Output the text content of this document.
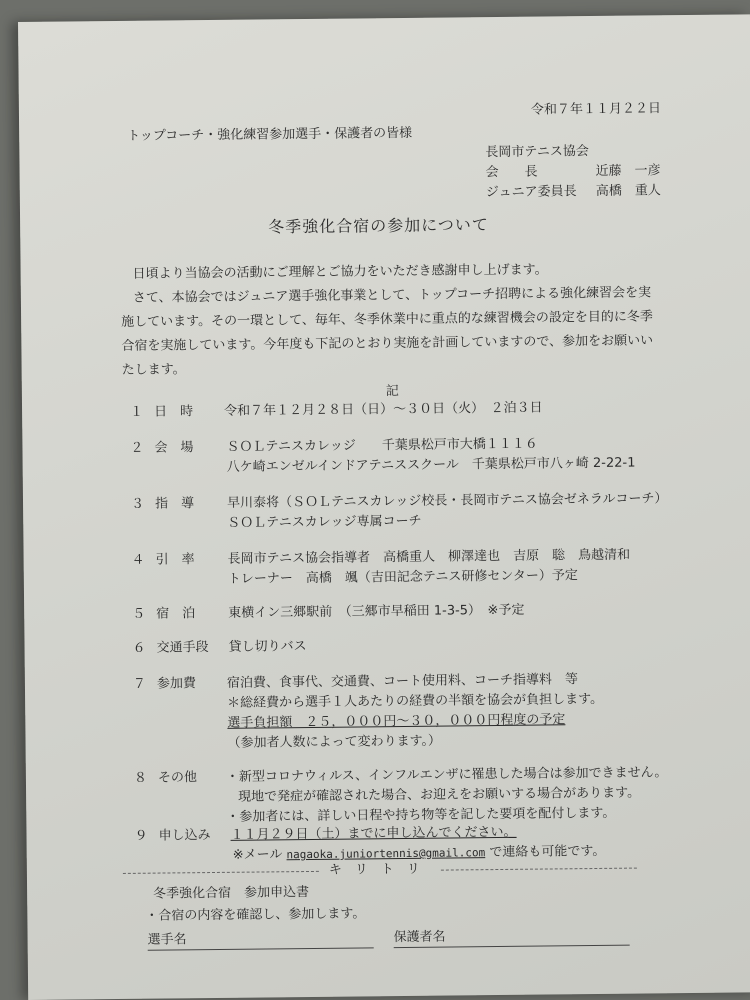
令和７年１１月２２日
トップコーチ・強化練習参加選手・保護者の皆様
長岡市テニス協会
会　　長	近藤　一彦
ジュニア委員長 高橋　重人
冬季強化合宿の参加について
日頃より当協会の活動にご理解とご協力をいただき感謝申し上げます。
さて、本協会ではジュニア選手強化事業として、トップコーチ招聘による強化練習会を実
施しています。その一環として、毎年、冬季休業中に重点的な練習機会の設定を目的に冬季
合宿を実施しています。今年度も下記のとおり実施を計画していますので、参加をお願いい
たします。
記
１ 日　時 令和７年１２月２８日（日）～３０日（火）　２泊３日
２ 会　場	ＳＯＬテニスカレッジ　　千葉県松戸市大橋１１１６
八ケ崎エンゼルインドアテニススクール　千葉県松戸市八ヶ崎 2-22-1
３ 指　導	早川泰将（ＳＯＬテニスカレッジ校長・長岡市テニス協会ゼネラルコーチ）
ＳＯＬテニスカレッジ専属コーチ
４ 引　率	長岡市テニス協会指導者　高橋重人　柳澤達也　吉原　聡　鳥越清和
トレーナー　高橋　颯（吉田記念テニス研修センター）予定
５ 宿　泊	東横イン三郷駅前　（三郷市早稲田 1-3-5）　※予定
６ 交通手段 貸し切りバス
７ 参加費 宿泊費、食事代、交通費、コート使用料、コーチ指導料　等
＊総経費から選手１人あたりの経費の半額を協会が負担します。
選手負担額　２５，０００円～３０，０００円程度の予定
（参加者人数によって変わります。）
８ その他 ・新型コロナウィルス、インフルエンザに罹患した場合は参加できません。
現地で発症が確認された場合、お迎えをお願いする場合があります。
・参加者には、詳しい日程や持ち物等を記した要項を配付します。
９ 申し込み １１月２９日（土）までに申し込んでください。
※メール nagaoka.juniortennis@gmail.com で連絡も可能です。
キ　リ　ト　リ
冬季強化合宿　参加申込書
・合宿の内容を確認し、参加します。
選手名	保護者名
